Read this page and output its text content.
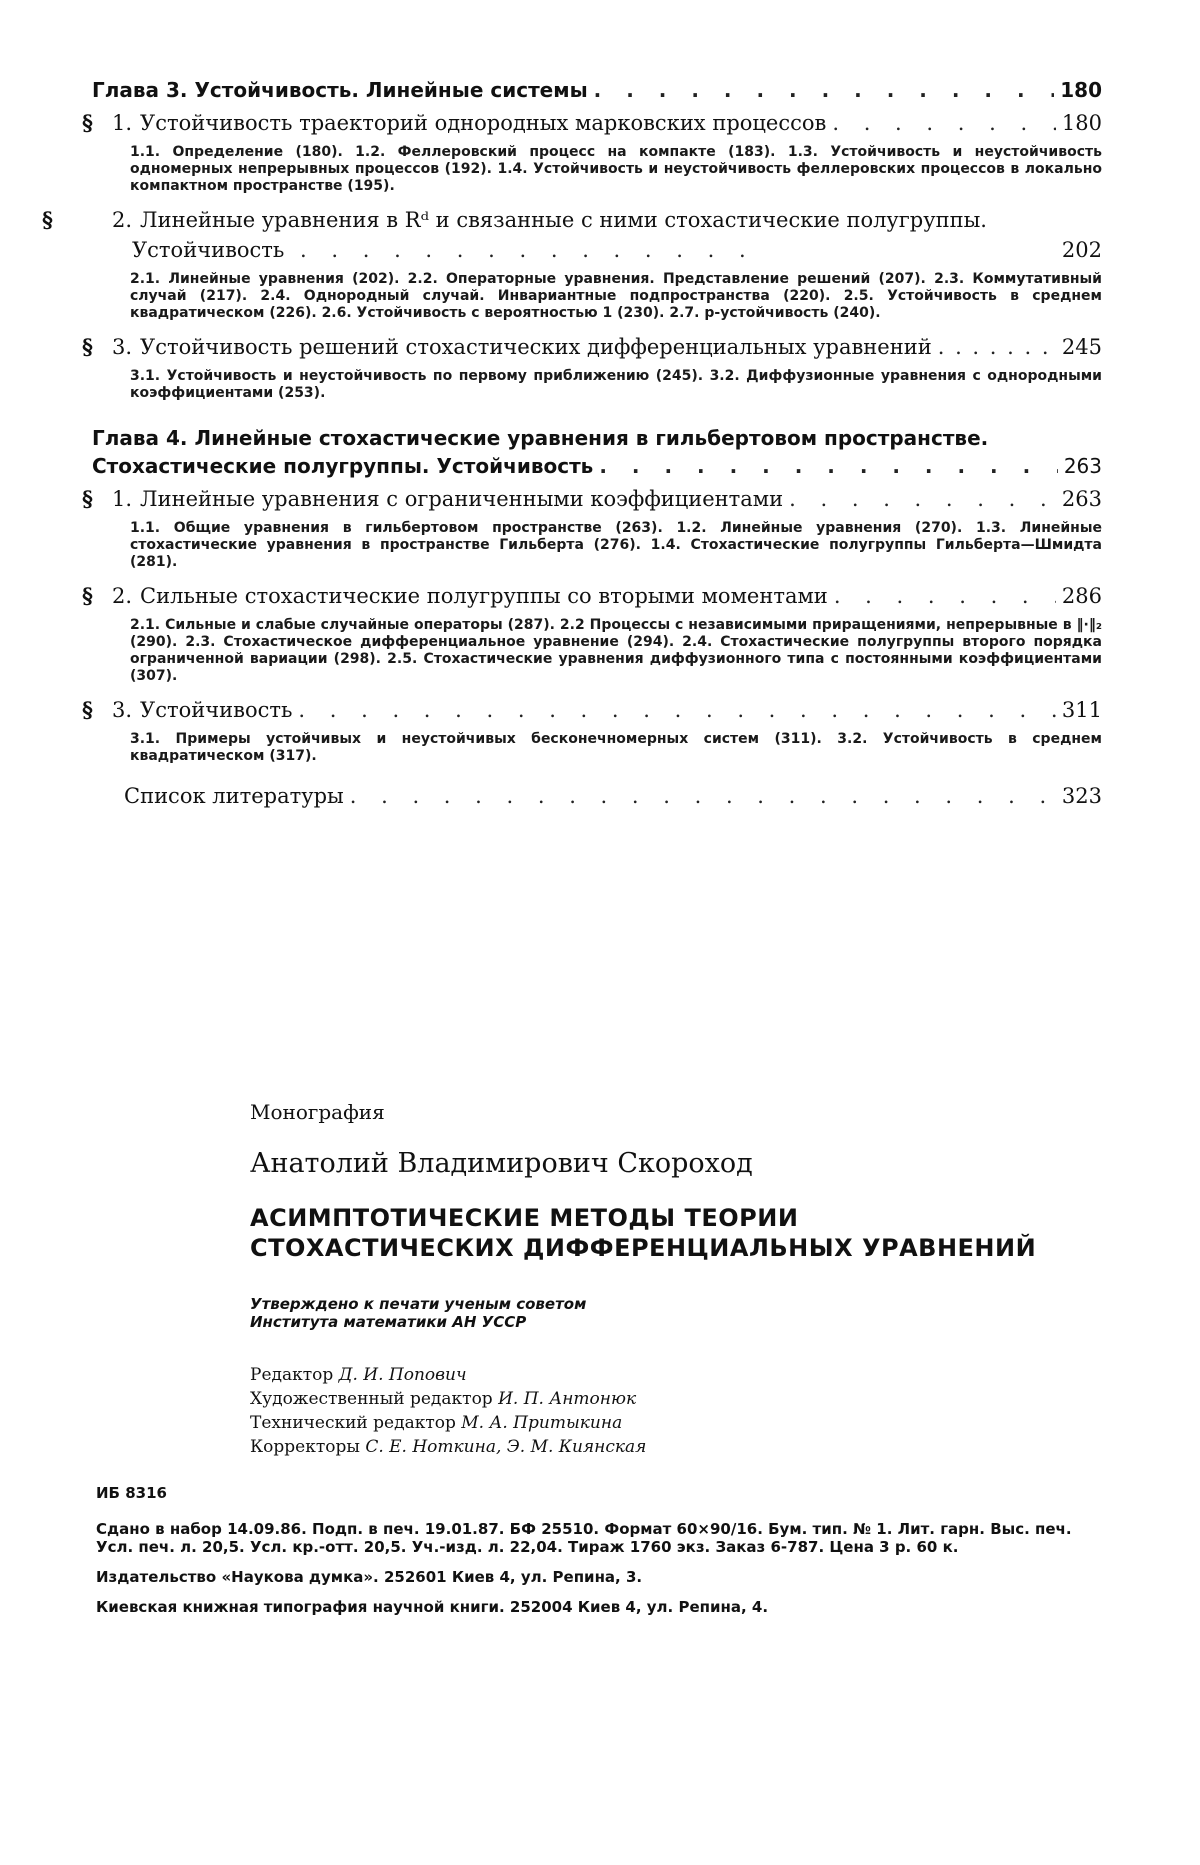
Глава 3. Устойчивость. Линейные системы . . .	180
§ 1. Устойчивость траекторий однородных марковских процессов . . .	180
1.1. Определение (180). 1.2. Феллеровский процесс на компакте (183). 1.3. Устойчивость и неустойчивость одномерных непрерывных процессов (192). 1.4. Устойчивость и неустойчивость феллеровских процессов в локально компактном пространстве (195).
§	2. Линейные уравнения в Rᵈ и связанные с ними стохастические полугруппы. Устойчивость . . . . . . . . . . . . . . .	202
2.1. Линейные уравнения (202). 2.2. Операторные уравнения. Представление решений (207). 2.3. Коммутативный случай (217). 2.4. Однородный случай. Инвариантные подпространства (220). 2.5. Устойчивость в среднем квадратическом (226). 2.6. Устойчивость с вероятностью 1 (230). 2.7. p-устойчивость (240).
§ 3. Устойчивость решений стохастических дифференциальных уравнений . . .	245
3.1. Устойчивость и неустойчивость по первому приближению (245). 3.2. Диффузионные уравнения с однородными коэффициентами (253).
Глава 4. Линейные стохастические уравнения в гильбертовом пространстве.
Стохастические полугруппы. Устойчивость . . .	263
§ 1. Линейные уравнения с ограниченными коэффициентами . . .	263
1.1. Общие уравнения в гильбертовом пространстве (263). 1.2. Линейные уравнения (270). 1.3. Линейные стохастические уравнения в пространстве Гильберта (276). 1.4. Стохастические полугруппы Гильберта—Шмидта (281).
§ 2. Сильные стохастические полугруппы со вторыми моментами . . .	286
2.1. Сильные и слабые случайные операторы (287). 2.2 Процессы с независимыми приращениями, непрерывные в ‖·‖₂ (290). 2.3. Стохастическое дифференциальное уравнение (294). 2.4. Стохастические полугруппы второго порядка ограниченной вариации (298). 2.5. Стохастические уравнения диффузионного типа с постоянными коэффициентами (307).
§ 3. Устойчивость . . .	311
3.1. Примеры устойчивых и неустойчивых бесконечномерных систем (311). 3.2. Устойчивость в среднем квадратическом (317).
Список литературы . . .	323
Монография
Анатолий Владимирович Скороход
АСИМПТОТИЧЕСКИЕ МЕТОДЫ ТЕОРИИ
СТОХАСТИЧЕСКИХ ДИФФЕРЕНЦИАЛЬНЫХ УРАВНЕНИЙ
Утверждено к печати ученым советом
Института математики АН УССР
Редактор Д. И. Попович
Художественный редактор И. П. Антонюк
Технический редактор М. А. Притыкина
Корректоры С. Е. Ноткина, Э. М. Киянская
ИБ 8316

Сдано в набор 14.09.86. Подп. в печ. 19.01.87. БФ 25510. Формат 60×90/16. Бум. тип. № 1. Лит. гарн. Выс. печ. Усл. печ. л. 20,5. Усл. кр.-отт. 20,5. Уч.-изд. л. 22,04. Тираж 1760 экз. Заказ 6-787. Цена 3 р. 60 к.

Издательство «Наукова думка». 252601 Киев 4, ул. Репина, 3.

Киевская книжная типография научной книги. 252004 Киев 4, ул. Репина, 4.
